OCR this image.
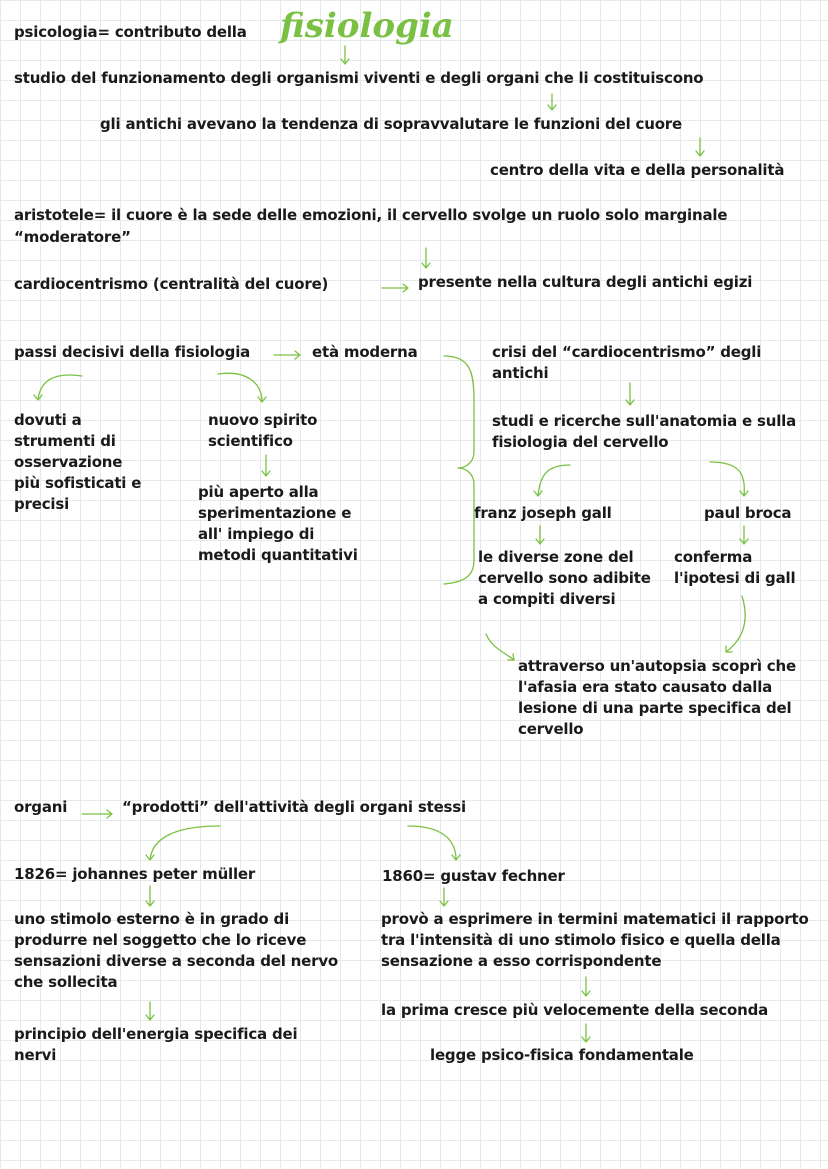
psicologia= contributo della fisiologia

studio del funzionamento degli organismi viventi e degli organi che li costituiscono

gli antichi avevano la tendenza di sopravvalutare le funzioni del cuore

centro della vita e della personalità

aristotele= il cuore è la sede delle emozioni, il cervello svolge un ruolo solo marginale

“moderatore”

cardiocentrismo (centralità del cuore)	presente nella cultura degli antichi egizi

passi decisivi della fisiologia	età moderna

dovuti a strumenti di osservazione più sofisticati e precisi

nuovo spirito scientifico

più aperto alla sperimentazione e all' impiego di metodi quantitativi

crisi del “cardiocentrismo” degli antichi

studi e ricerche sull'anatomia e sulla fisiologia del cervello

franz joseph gall	paul broca

le diverse zone del cervello sono adibite a compiti diversi

conferma l'ipotesi di gall

attraverso un'autopsia scoprì che l'afasia era stato causato dalla lesione di una parte specifica del cervello

organi	“prodotti” dell'attività degli organi stessi

1826= johannes peter müller	1860= gustav fechner

uno stimolo esterno è in grado di produrre nel soggetto che lo riceve sensazioni diverse a seconda del nervo che sollecita

principio dell'energia specifica dei nervi

provò a esprimere in termini matematici il rapporto tra l'intensità di uno stimolo fisico e quella della sensazione a esso corrispondente

la prima cresce più velocemente della seconda

legge psico-fisica fondamentale
